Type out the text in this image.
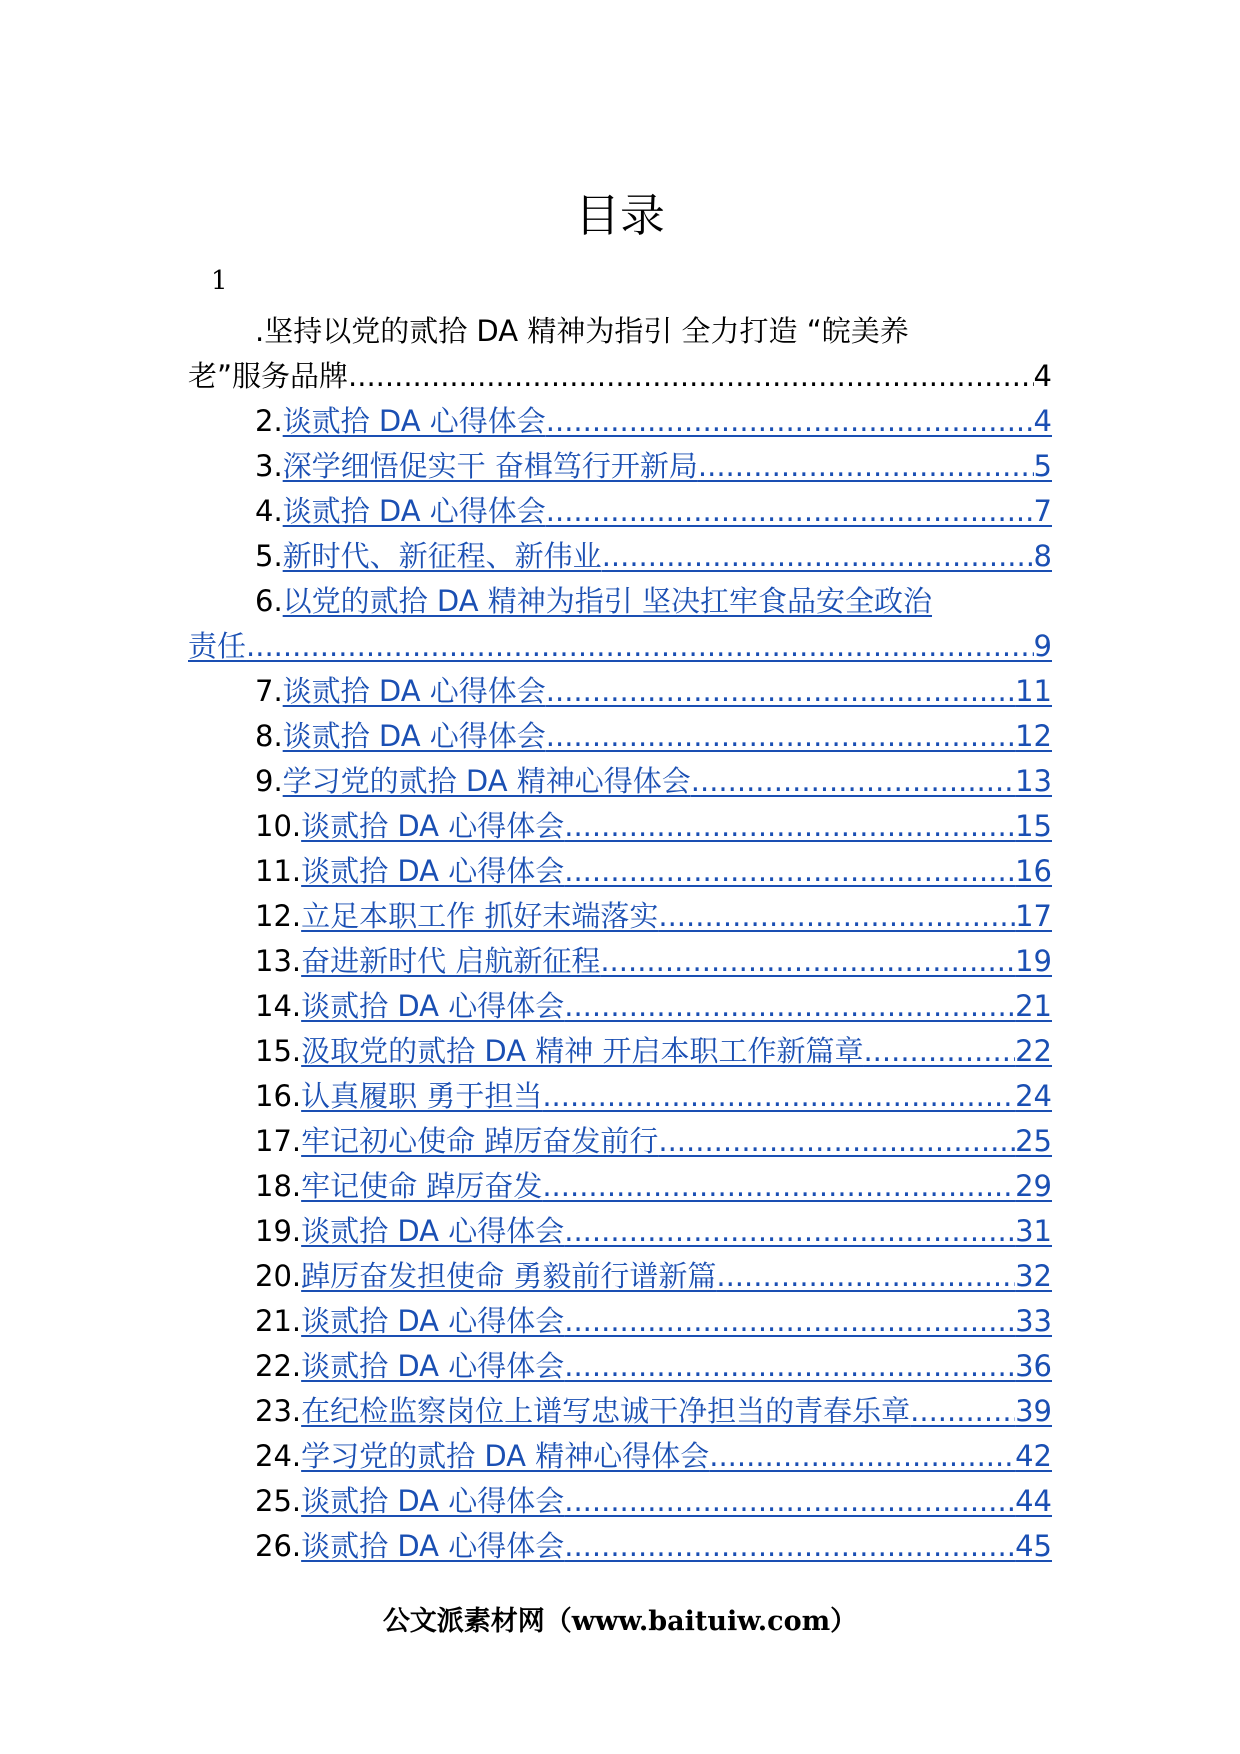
目录
1
.坚持以党的贰拾 DA 精神为指引 全力打造 “皖美养
老”服务品牌 .....	4
2. 谈贰拾 DA 心得体会 .....	4
3. 深学细悟促实干 奋楫笃行开新局 .....	5
4. 谈贰拾 DA 心得体会 .....	7
5. 新时代、新征程、新伟业 .....	8
6. 以党的贰拾 DA 精神为指引 坚决扛牢食品安全政治
责任 .....	9
7. 谈贰拾 DA 心得体会 .....	11
8. 谈贰拾 DA 心得体会 .....	12
9. 学习党的贰拾 DA 精神心得体会 .....	13
10. 谈贰拾 DA 心得体会 .....	15
11. 谈贰拾 DA 心得体会 .....	16
12. 立足本职工作 抓好末端落实 .....	17
13. 奋进新时代 启航新征程 .....	19
14. 谈贰拾 DA 心得体会 .....	21
15. 汲取党的贰拾 DA 精神 开启本职工作新篇章 .....	22
16. 认真履职 勇于担当 .....	24
17. 牢记初心使命 踔厉奋发前行 .....	25
18. 牢记使命 踔厉奋发 .....	29
19. 谈贰拾 DA 心得体会 .....	31
20. 踔厉奋发担使命 勇毅前行谱新篇 .....	32
21. 谈贰拾 DA 心得体会 .....	33
22. 谈贰拾 DA 心得体会 .....	36
23. 在纪检监察岗位上谱写忠诚干净担当的青春乐章 .....	39
24. 学习党的贰拾 DA 精神心得体会 .....	42
25. 谈贰拾 DA 心得体会 .....	44
26. 谈贰拾 DA 心得体会 .....	45
公文派素材网（www.baituiw.com）
